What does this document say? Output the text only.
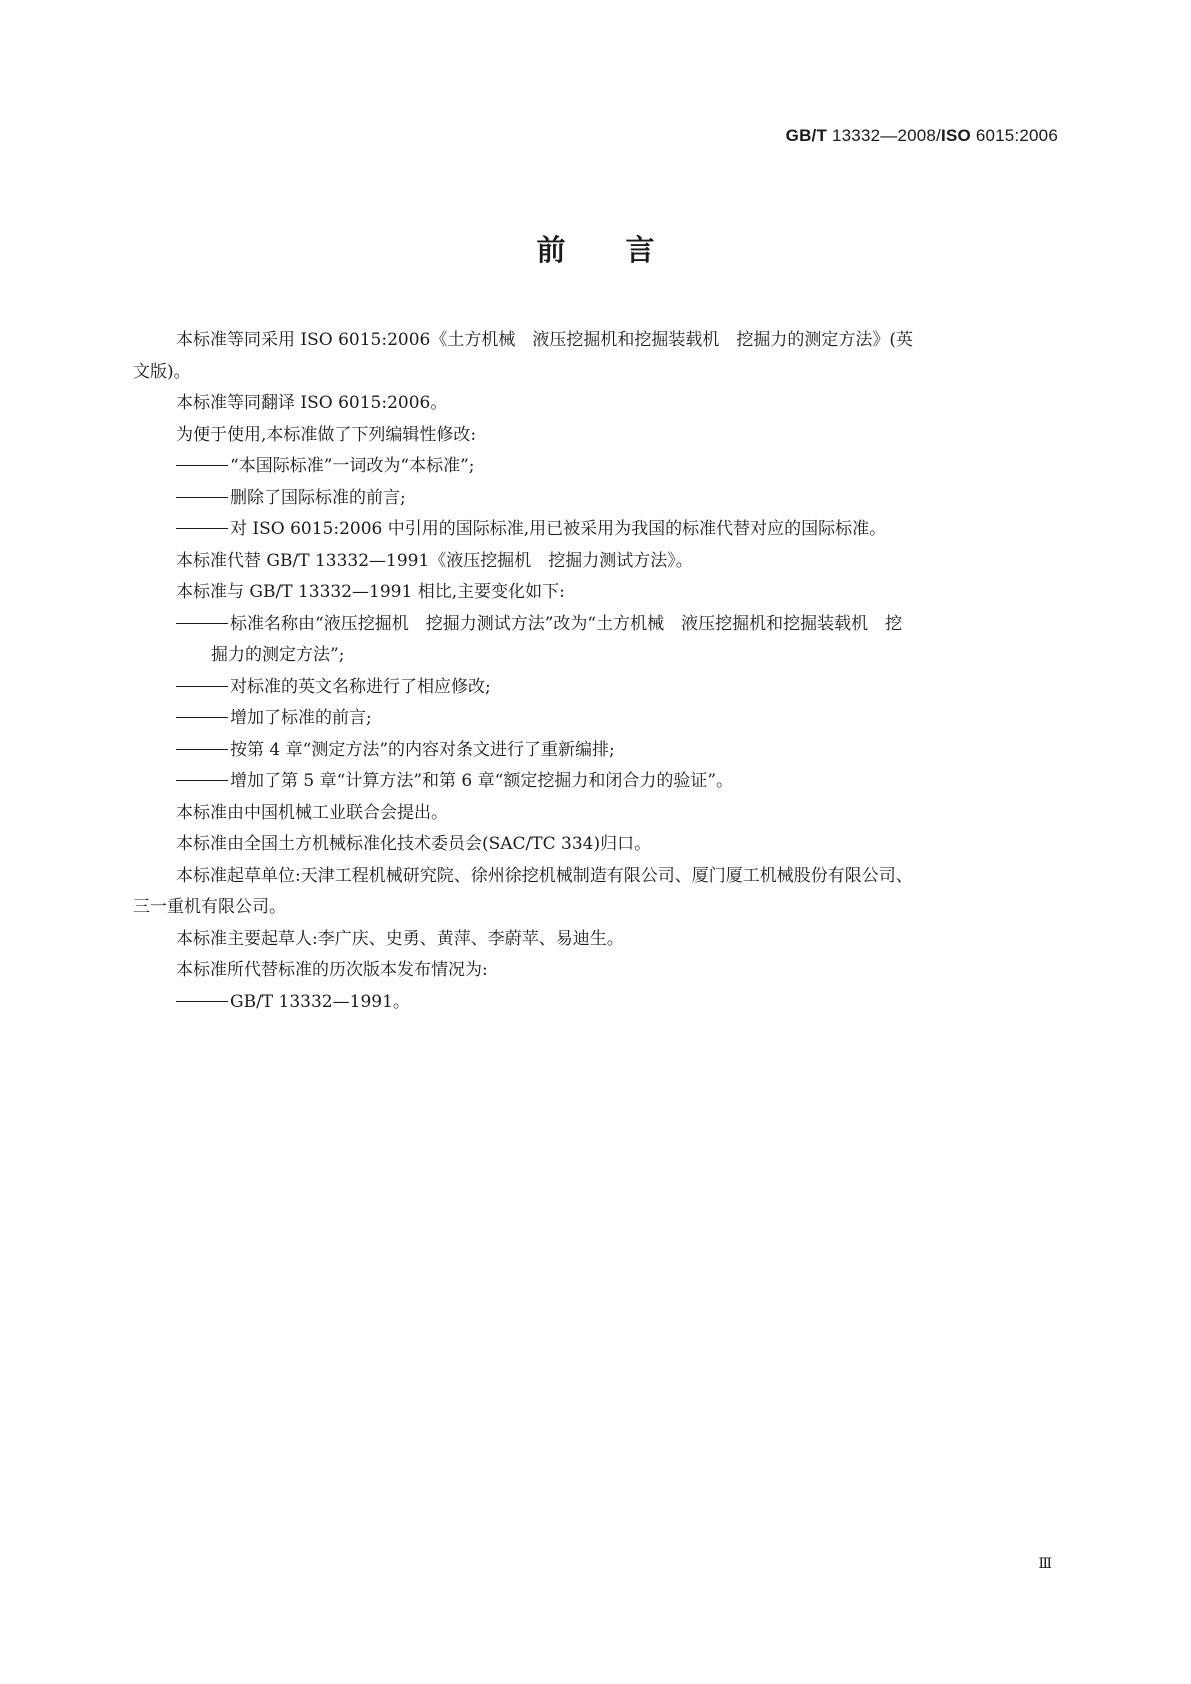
GB/T 13332—2008/ISO 6015:2006
前言
本标准等同采用 ISO 6015:2006《土方机械　液压挖掘机和挖掘装载机　挖掘力的测定方法》(英
文版)。
本标准等同翻译 ISO 6015:2006。
为便于使用,本标准做了下列编辑性修改:
“本国际标准”一词改为“本标准”;
删除了国际标准的前言;
对 ISO 6015:2006 中引用的国际标准,用已被采用为我国的标准代替对应的国际标准。
本标准代替 GB/T 13332—1991《液压挖掘机　挖掘力测试方法》。
本标准与 GB/T 13332—1991 相比,主要变化如下:
标准名称由“液压挖掘机　挖掘力测试方法”改为“土方机械　液压挖掘机和挖掘装载机　挖
掘力的测定方法”;
对标准的英文名称进行了相应修改;
增加了标准的前言;
按第 4 章“测定方法”的内容对条文进行了重新编排;
增加了第 5 章“计算方法”和第 6 章“额定挖掘力和闭合力的验证”。
本标准由中国机械工业联合会提出。
本标准由全国土方机械标准化技术委员会(SAC/TC 334)归口。
本标准起草单位:天津工程机械研究院、徐州徐挖机械制造有限公司、厦门厦工机械股份有限公司、
三一重机有限公司。
本标准主要起草人:李广庆、史勇、黄萍、李蔚苹、易迪生。
本标准所代替标准的历次版本发布情况为:
GB/T 13332—1991。
Ⅲ
